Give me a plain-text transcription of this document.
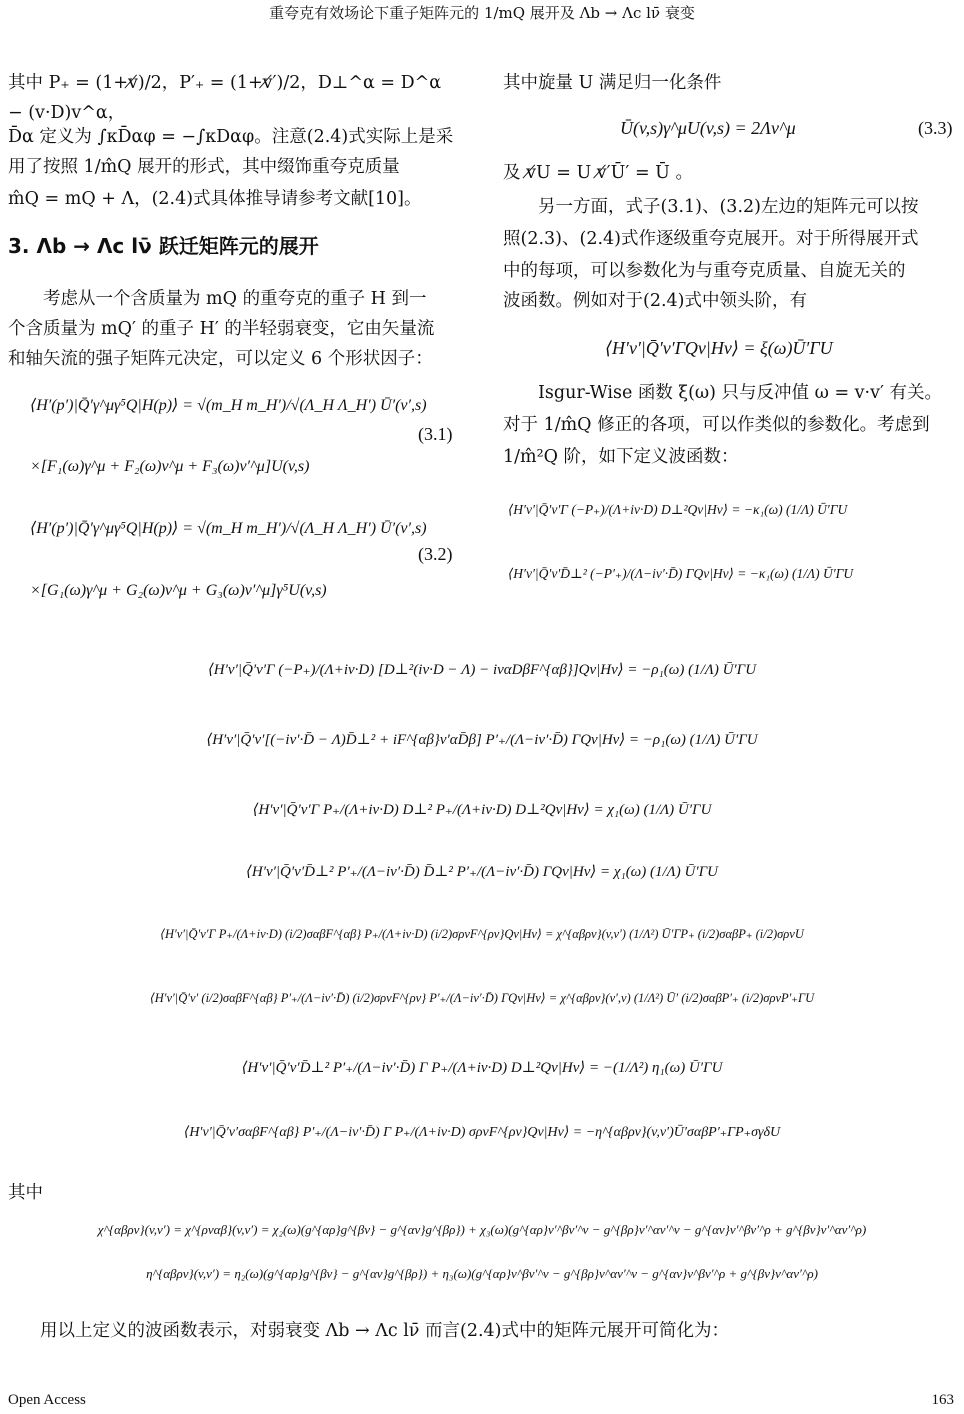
重夸克有效场论下重子矩阵元的 1/mQ 展开及 Λb → Λc lν̄ 衰变
其中 P₊ = (1+v̸)/2，P′₊ = (1+v̸′)/2，D⊥^α = D^α − (v·D)v^α，
D̄α 定义为 ∫κD̄αφ = −∫κDαφ。注意(2.4)式实际上是采
用了按照 1/m̂Q 展开的形式，其中缀饰重夸克质量
m̂Q = mQ + Λ，(2.4)式具体推导请参考文献[10]。
3. Λb → Λc lν̄ 跃迁矩阵元的展开
考虑从一个含质量为 mQ 的重夸克的重子 H 到一
个含质量为 mQ′ 的重子 H′ 的半轻弱衰变，它由矢量流
和轴矢流的强子矩阵元决定，可以定义 6 个形状因子：
⟨H′(p′)|Q̄′γ^μγ⁵Q|H(p)⟩ = √(m_H m_H′)/√(Λ_H Λ_H′) Ū′(v′,s)
×[F₁(ω)γ^μ + F₂(ω)v^μ + F₃(ω)v′^μ]U(v,s)
(3.1)
⟨H′(p′)|Q̄′γ^μγ⁵Q|H(p)⟩ = √(m_H m_H′)/√(Λ_H Λ_H′) Ū′(v′,s)
×[G₁(ω)γ^μ + G₂(ω)v^μ + G₃(ω)v′^μ]γ⁵U(v,s)
(3.2)
其中旋量 U 满足归一化条件
Ū(v,s)γ^μU(v,s) = 2Λv^μ	(3.3)
及 v̸U = U v̸′Ū′ = Ū 。
另一方面，式子(3.1)、(3.2)左边的矩阵元可以按
照(2.3)、(2.4)式作逐级重夸克展开。对于所得展开式
中的每项，可以参数化为与重夸克质量、自旋无关的
波函数。例如对于(2.4)式中领头阶，有
⟨H′v′|Q̄′v′ΓQv|Hv⟩ = ξ(ω)Ū′ΓU
Isgur-Wise 函数 ξ(ω) 只与反冲值 ω = v·v′ 有关。
对于 1/m̂Q 修正的各项，可以作类似的参数化。考虑到
1/m̂²Q 阶，如下定义波函数：
⟨H′v′|Q̄′v′Γ (−P₊)/(Λ+iv·D) D⊥²Qv|Hv⟩ = −κ₁(ω) (1/Λ) Ū′ΓU
⟨H′v′|Q̄′v′D̄⊥² (−P′₊)/(Λ−iv′·D̄) ΓQv|Hv⟩ = −κ₁(ω) (1/Λ) Ū′ΓU
⟨H′v′|Q̄′v′Γ (−P₊)/(Λ+iv·D) [D⊥²(iv·D − Λ) − ivαDβF^{αβ}]Qv|Hv⟩ = −ρ₁(ω) (1/Λ) Ū′ΓU
⟨H′v′|Q̄′v′[(−iv′·D̄ − Λ)D̄⊥² + iF^{αβ}v′αD̄β] P′₊/(Λ−iv′·D̄) ΓQv|Hv⟩ = −ρ₁(ω) (1/Λ) Ū′ΓU
⟨H′v′|Q̄′v′Γ P₊/(Λ+iv·D) D⊥² P₊/(Λ+iv·D) D⊥²Qv|Hv⟩ = χ₁(ω) (1/Λ) Ū′ΓU
⟨H′v′|Q̄′v′D̄⊥² P′₊/(Λ−iv′·D̄) D̄⊥² P′₊/(Λ−iv′·D̄) ΓQv|Hv⟩ = χ₁(ω) (1/Λ) Ū′ΓU
⟨H′v′|Q̄′v′Γ P₊/(Λ+iv·D) (i/2)σαβF^{αβ} P₊/(Λ+iv·D) (i/2)σρνF^{ρν}Qv|Hv⟩ = χ^{αβρν}(v,v′) (1/Λ²) Ū′ΓP₊ (i/2)σαβP₊ (i/2)σρνU
⟨H′v′|Q̄′v′ (i/2)σαβF^{αβ} P′₊/(Λ−iv′·D̄) (i/2)σρνF^{ρν} P′₊/(Λ−iv′·D̄) ΓQv|Hv⟩ = χ^{αβρν}(v′,v) (1/Λ²) Ū′ (i/2)σαβP′₊ (i/2)σρνP′₊ΓU
⟨H′v′|Q̄′v′D̄⊥² P′₊/(Λ−iv′·D̄) Γ P₊/(Λ+iv·D) D⊥²Qv|Hv⟩ = −(1/Λ²) η₁(ω) Ū′ΓU
⟨H′v′|Q̄′v′σαβF^{αβ} P′₊/(Λ−iv′·D̄) Γ P₊/(Λ+iv·D) σρνF^{ρν}Qv|Hv⟩ = −η^{αβρν}(v,v′)Ū′σαβP′₊ΓP₊σγδU
其中
χ^{αβρν}(v,v′) = χ^{ρναβ}(v,v′) = χ₂(ω)(g^{αρ}g^{βν} − g^{αν}g^{βρ}) + χ₃(ω)(g^{αρ}v′^βv′^ν − g^{βρ}v′^αv′^ν − g^{αν}v′^βv′^ρ + g^{βν}v′^αv′^ρ)
η^{αβρν}(v,v′) = η₂(ω)(g^{αρ}g^{βν} − g^{αν}g^{βρ}) + η₃(ω)(g^{αρ}v^βv′^ν − g^{βρ}v^αv′^ν − g^{αν}v^βv′^ρ + g^{βν}v^αv′^ρ)
用以上定义的波函数表示，对弱衰变 Λb → Λc lν̄ 而言(2.4)式中的矩阵元展开可简化为：
Open Access	163
